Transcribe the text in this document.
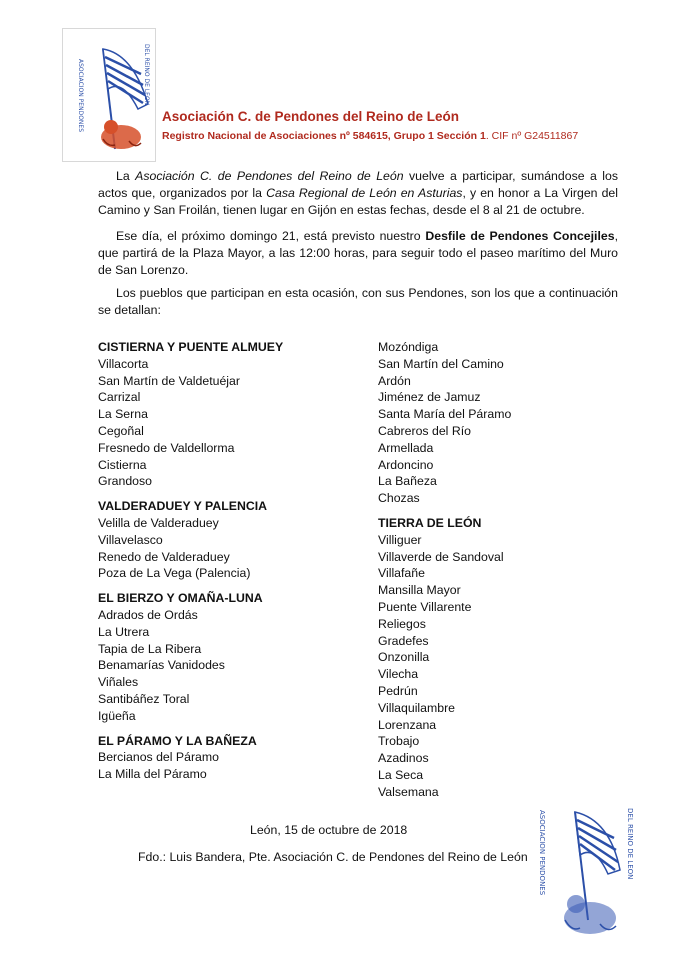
ASOCIACION PENDONES	DEL REINO DE LEON
Asociación C. de Pendones del Reino de León
Registro Nacional de Asociaciones nº 584615, Grupo 1 Sección 1. CIF nº G24511867
La Asociación C. de Pendones del Reino de León vuelve a participar, sumándose a los actos que, organizados por la Casa Regional de León en Asturias, y en honor a La Virgen del Camino y San Froilán, tienen lugar en Gijón en estas fechas, desde el 8 al 21 de octubre.
Ese día, el próximo domingo 21, está previsto nuestro Desfile de Pendones Concejiles, que partirá de la Plaza Mayor, a las 12:00 horas, para seguir todo el paseo marítimo del Muro de San Lorenzo.
Los pueblos que participan en esta ocasión, con sus Pendones, son los que a continuación se detallan:
CISTIERNA Y PUENTE ALMUEY
Villacorta
San Martín de Valdetuéjar
Carrizal
La Serna
Cegoñal
Fresnedo de Valdellorma
Cistierna
Grandoso
VALDERADUEY Y PALENCIA
Velilla de Valderaduey
Villavelasco
Renedo de Valderaduey
Poza de La Vega (Palencia)
EL BIERZO Y OMAÑA-LUNA
Adrados de Ordás
La Utrera
Tapia de La Ribera
Benamarías Vanidodes
Viñales
Santibáñez Toral
Igüeña
EL PÁRAMO Y LA BAÑEZA
Bercianos del Páramo
La Milla del Páramo
Mozóndiga
San Martín del Camino
Ardón
Jiménez de Jamuz
Santa María del Páramo
Cabreros del Río
Armellada
Ardoncino
La Bañeza
Chozas
TIERRA DE LEÓN
Villiguer
Villaverde de Sandoval
Villafañe
Mansilla Mayor
Puente Villarente
Reliegos
Gradefes
Onzonilla
Vilecha
Pedrún
Villaquilambre
Lorenzana
Trobajo
Azadinos
La Seca
Valsemana
León, 15 de octubre de 2018
Fdo.: Luis Bandera, Pte. Asociación C. de Pendones del Reino de León ASOCIACION PENDONES	DEL REINO DE LEON
